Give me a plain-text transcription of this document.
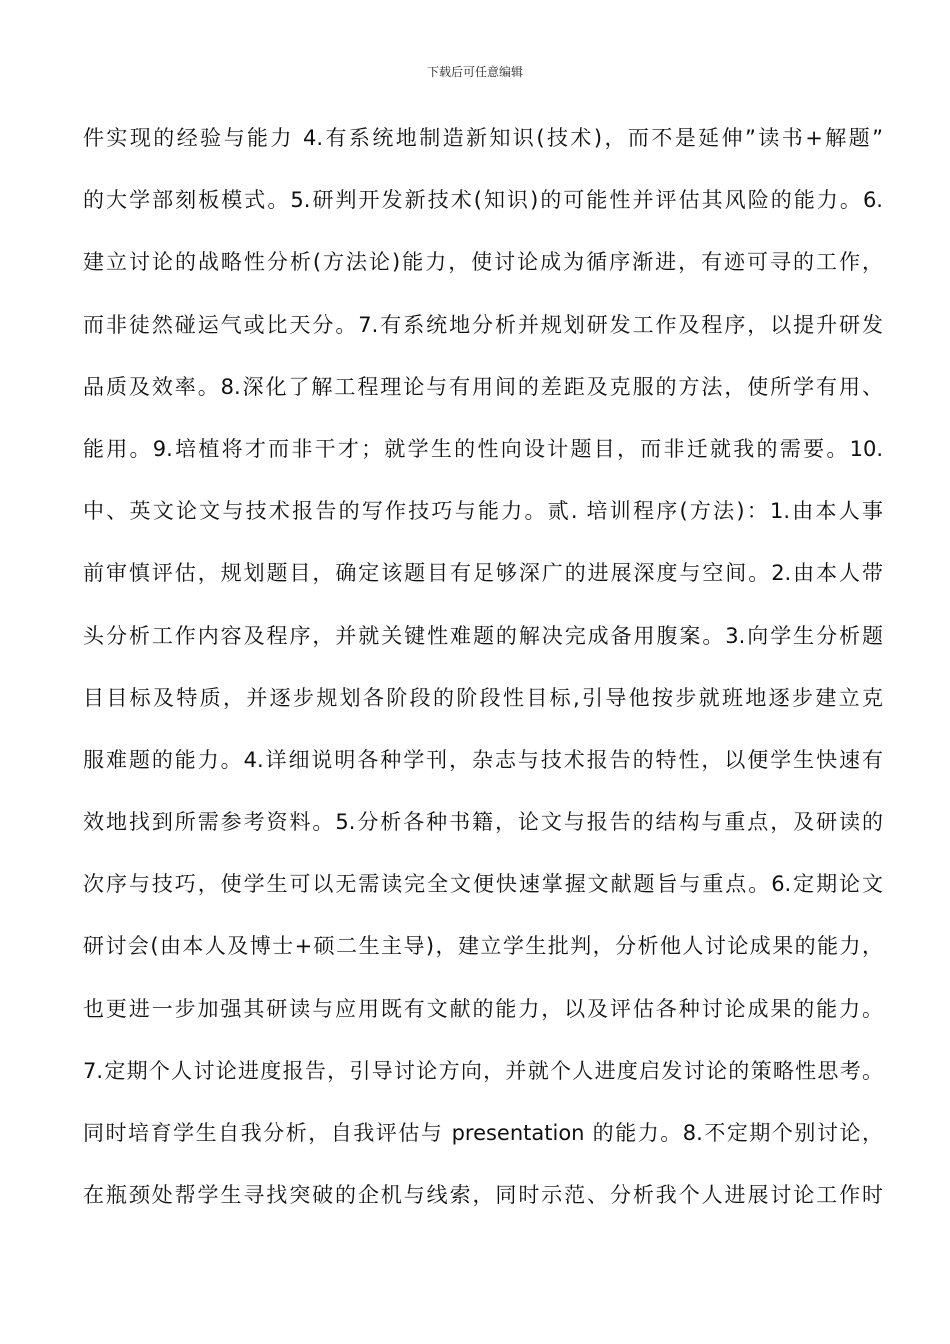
下载后可任意编辑
件实现的经验与能力 4.有系统地制造新知识(技术)，而不是延伸”读书+解题”
的大学部刻板模式。5.研判开发新技术(知识)的可能性并评估其风险的能力。6.
建立讨论的战略性分析(方法论)能力，使讨论成为循序渐进，有迹可寻的工作，
而非徒然碰运气或比天分。7.有系统地分析并规划研发工作及程序，以提升研发
品质及效率。8.深化了解工程理论与有用间的差距及克服的方法，使所学有用、
能用。9.培植将才而非干才；就学生的性向设计题目，而非迁就我的需要。10.
中、英文论文与技术报告的写作技巧与能力。贰. 培训程序(方法)：1.由本人事
前审慎评估，规划题目，确定该题目有足够深广的进展深度与空间。2.由本人带
头分析工作内容及程序，并就关键性难题的解决完成备用腹案。3.向学生分析题
目目标及特质，并逐步规划各阶段的阶段性目标,引导他按步就班地逐步建立克
服难题的能力。4.详细说明各种学刊，杂志与技术报告的特性，以便学生快速有
效地找到所需参考资料。5.分析各种书籍，论文与报告的结构与重点，及研读的
次序与技巧，使学生可以无需读完全文便快速掌握文献题旨与重点。6.定期论文
研讨会(由本人及博士+硕二生主导)，建立学生批判，分析他人讨论成果的能力，
也更进一步加强其研读与应用既有文献的能力，以及评估各种讨论成果的能力。
7.定期个人讨论进度报告，引导讨论方向，并就个人进度启发讨论的策略性思考。
同时培育学生自我分析，自我评估与 presentation 的能力。8.不定期个别讨论，
在瓶颈处帮学生寻找突破的企机与线索，同时示范、分析我个人进展讨论工作时
